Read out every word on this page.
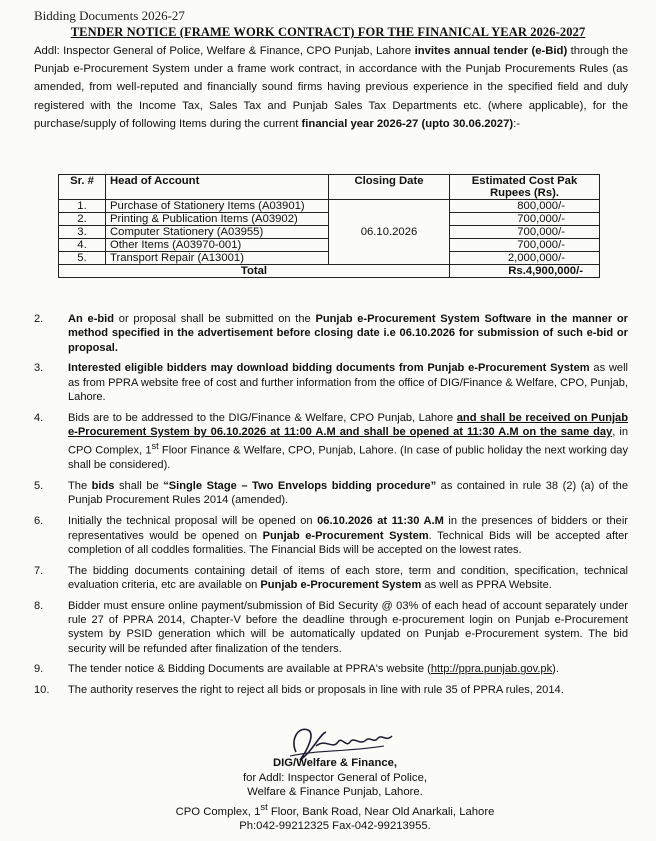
Bidding Documents 2026-27
TENDER NOTICE (FRAME WORK CONTRACT) FOR THE FINANICAL YEAR 2026-2027
Addl: Inspector General of Police, Welfare & Finance, CPO Punjab, Lahore invites annual tender (e-Bid) through the Punjab e-Procurement System under a frame work contract, in accordance with the Punjab Procurements Rules (as amended, from well-reputed and financially sound firms having previous experience in the specified field and duly registered with the Income Tax, Sales Tax and Punjab Sales Tax Departments etc. (where applicable), for the purchase/supply of following Items during the current financial year 2026-27 (upto 30.06.2027):-
Sr. #	Head of Account	Closing Date	Estimated Cost Pak Rupees (Rs).
1.	Purchase of Stationery Items (A03901)	06.10.2026	800,000/-
2.	Printing & Publication Items (A03902)		700,000/-
3.	Computer Stationery (A03955)		700,000/-
4.	Other Items (A03970-001)		700,000/-
5.	Transport Repair (A13001)		2,000,000/-
Total			Rs.4,900,000/-
2. An e-bid or proposal shall be submitted on the Punjab e-Procurement System Software in the manner or method specified in the advertisement before closing date i.e 06.10.2026 for submission of such e-bid or proposal.
3. Interested eligible bidders may download bidding documents from Punjab e-Procurement System as well as from PPRA website free of cost and further information from the office of DIG/Finance & Welfare, CPO, Punjab, Lahore.
4. Bids are to be addressed to the DIG/Finance & Welfare, CPO Punjab, Lahore and shall be received on Punjab e-Procurement System by 06.10.2026 at 11:00 A.M and shall be opened at 11:30 A.M on the same day, in CPO Complex, 1st Floor Finance & Welfare, CPO, Punjab, Lahore. (In case of public holiday the next working day shall be considered).
5. The bids shall be “Single Stage – Two Envelops bidding procedure” as contained in rule 38 (2) (a) of the Punjab Procurement Rules 2014 (amended).
6. Initially the technical proposal will be opened on 06.10.2026 at 11:30 A.M in the presences of bidders or their representatives would be opened on Punjab e-Procurement System. Technical Bids will be accepted after completion of all coddles formalities. The Financial Bids will be accepted on the lowest rates.
7. The bidding documents containing detail of items of each store, term and condition, specification, technical evaluation criteria, etc are available on Punjab e-Procurement System as well as PPRA Website.
8. Bidder must ensure online payment/submission of Bid Security @ 03% of each head of account separately under rule 27 of PPRA 2014, Chapter-V before the deadline through e-procurement login on Punjab e-Procurement system by PSID generation which will be automatically updated on Punjab e-Procurement system. The bid security will be refunded after finalization of the tenders.
9. The tender notice & Bidding Documents are available at PPRA's website (http://ppra.punjab.gov.pk).
10. The authority reserves the right to reject all bids or proposals in line with rule 35 of PPRA rules, 2014.
DIG/Welfare & Finance,
for Addl: Inspector General of Police,
Welfare & Finance Punjab, Lahore.
CPO Complex, 1st Floor, Bank Road, Near Old Anarkali, Lahore
Ph:042-99212325 Fax-042-99213955.
